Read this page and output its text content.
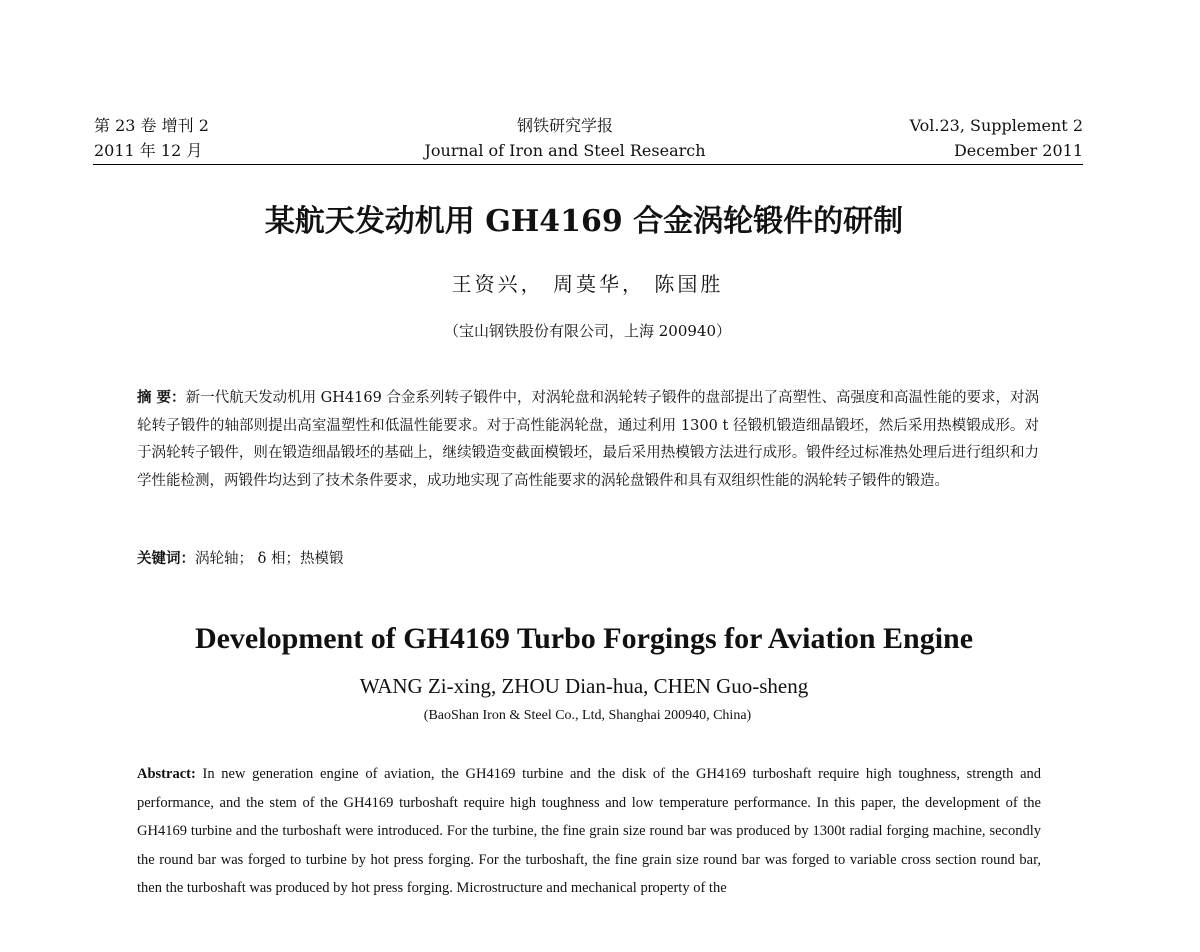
第 23 卷 增刊 2
2011 年 12 月
钢铁研究学报
Journal of Iron and Steel Research
Vol.23, Supplement 2
December 2011
某航天发动机用 GH4169 合金涡轮锻件的研制
王资兴， 周莫华， 陈国胜
（宝山钢铁股份有限公司，上海 200940）

摘 要：新一代航天发动机用 GH4169 合金系列转子锻件中，对涡轮盘和涡轮转子锻件的盘部提出了高塑性、高强度和高温性能的要求，对涡轮转子锻件的轴部则提出高室温塑性和低温性能要求。对于高性能涡轮盘，通过利用 1300 t 径锻机锻造细晶锻坯，然后采用热模锻成形。对于涡轮转子锻件，则在锻造细晶锻坯的基础上，继续锻造变截面模锻坯，最后采用热模锻方法进行成形。锻件经过标准热处理后进行组织和力学性能检测，两锻件均达到了技术条件要求，成功地实现了高性能要求的涡轮盘锻件和具有双组织性能的涡轮转子锻件的锻造。

关键词：涡轮轴； δ 相；热模锻

Development of GH4169 Turbo Forgings for Aviation Engine
WANG Zi-xing, ZHOU Dian-hua, CHEN Guo-sheng
(BaoShan Iron & Steel Co., Ltd, Shanghai 200940, China)

Abstract: In new generation engine of aviation, the GH4169 turbine and the disk of the GH4169 turboshaft require high toughness, strength and performance, and the stem of the GH4169 turboshaft require high toughness and low temperature performance. In this paper, the development of the GH4169 turbine and the turboshaft were introduced. For the turbine, the fine grain size round bar was produced by 1300t radial forging machine, secondly the round bar was forged to turbine by hot press forging. For the turboshaft, the fine grain size round bar was forged to variable cross section round bar, then the turboshaft was produced by hot press forging. Microstructure and mechanical property of the
